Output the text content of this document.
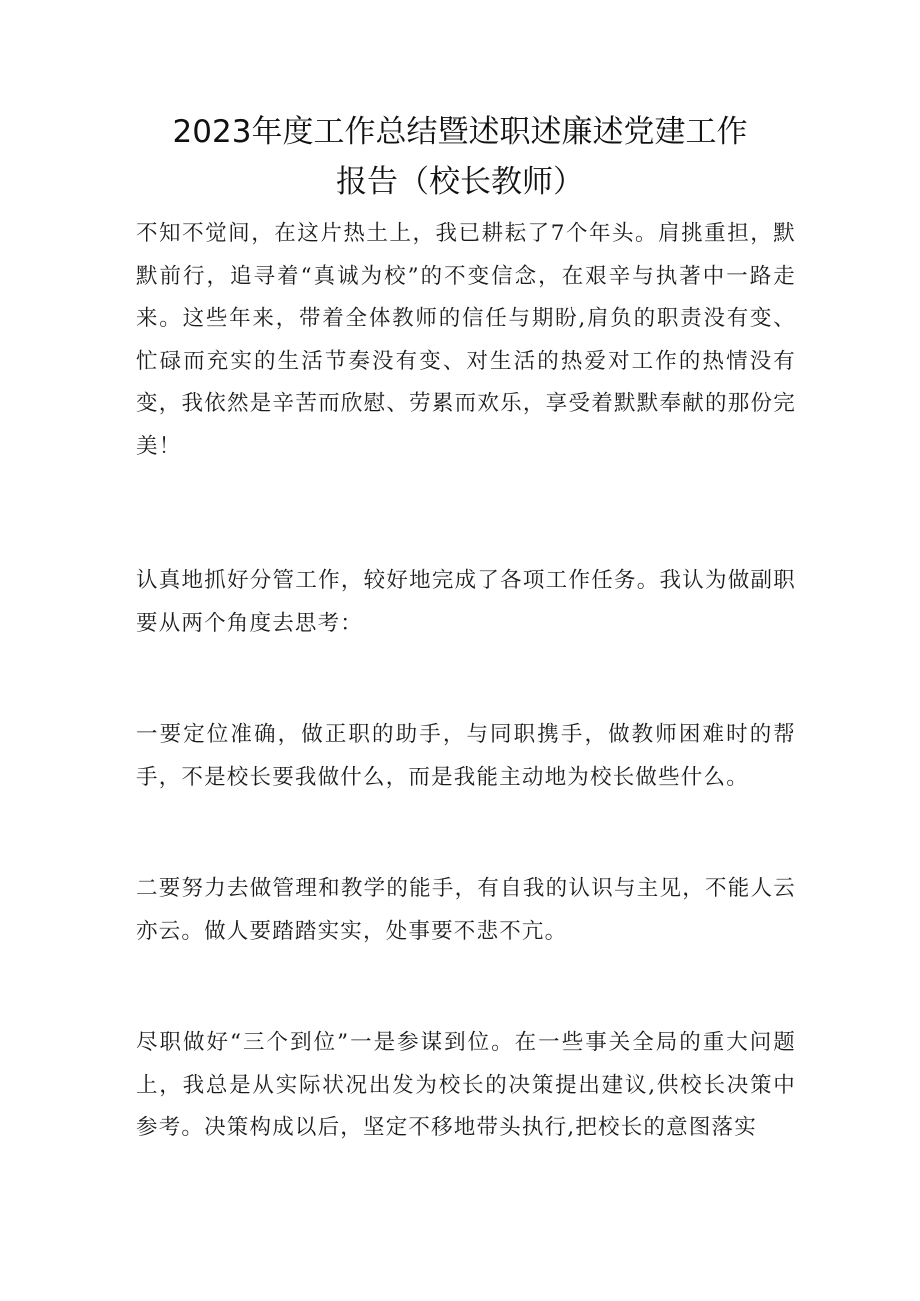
2023年度工作总结暨述职述廉述党建工作
报告（校长教师）

不知不觉间，在这片热土上，我已耕耘了7个年头。肩挑重担，默默前行，追寻着“真诚为校”的不变信念，在艰辛与执著中一路走来。这些年来，带着全体教师的信任与期盼,肩负的职责没有变、忙碌而充实的生活节奏没有变、对生活的热爱对工作的热情没有变，我依然是辛苦而欣慰、劳累而欢乐，享受着默默奉献的那份完美！

认真地抓好分管工作，较好地完成了各项工作任务。我认为做副职要从两个角度去思考：

一要定位准确，做正职的助手，与同职携手，做教师困难时的帮手，不是校长要我做什么，而是我能主动地为校长做些什么。

二要努力去做管理和教学的能手，有自我的认识与主见，不能人云亦云。做人要踏踏实实，处事要不悲不亢。

尽职做好“三个到位”一是参谋到位。在一些事关全局的重大问题上，我总是从实际状况出发为校长的决策提出建议,供校长决策中参考。决策构成以后，坚定不移地带头执行,把校长的意图落实
